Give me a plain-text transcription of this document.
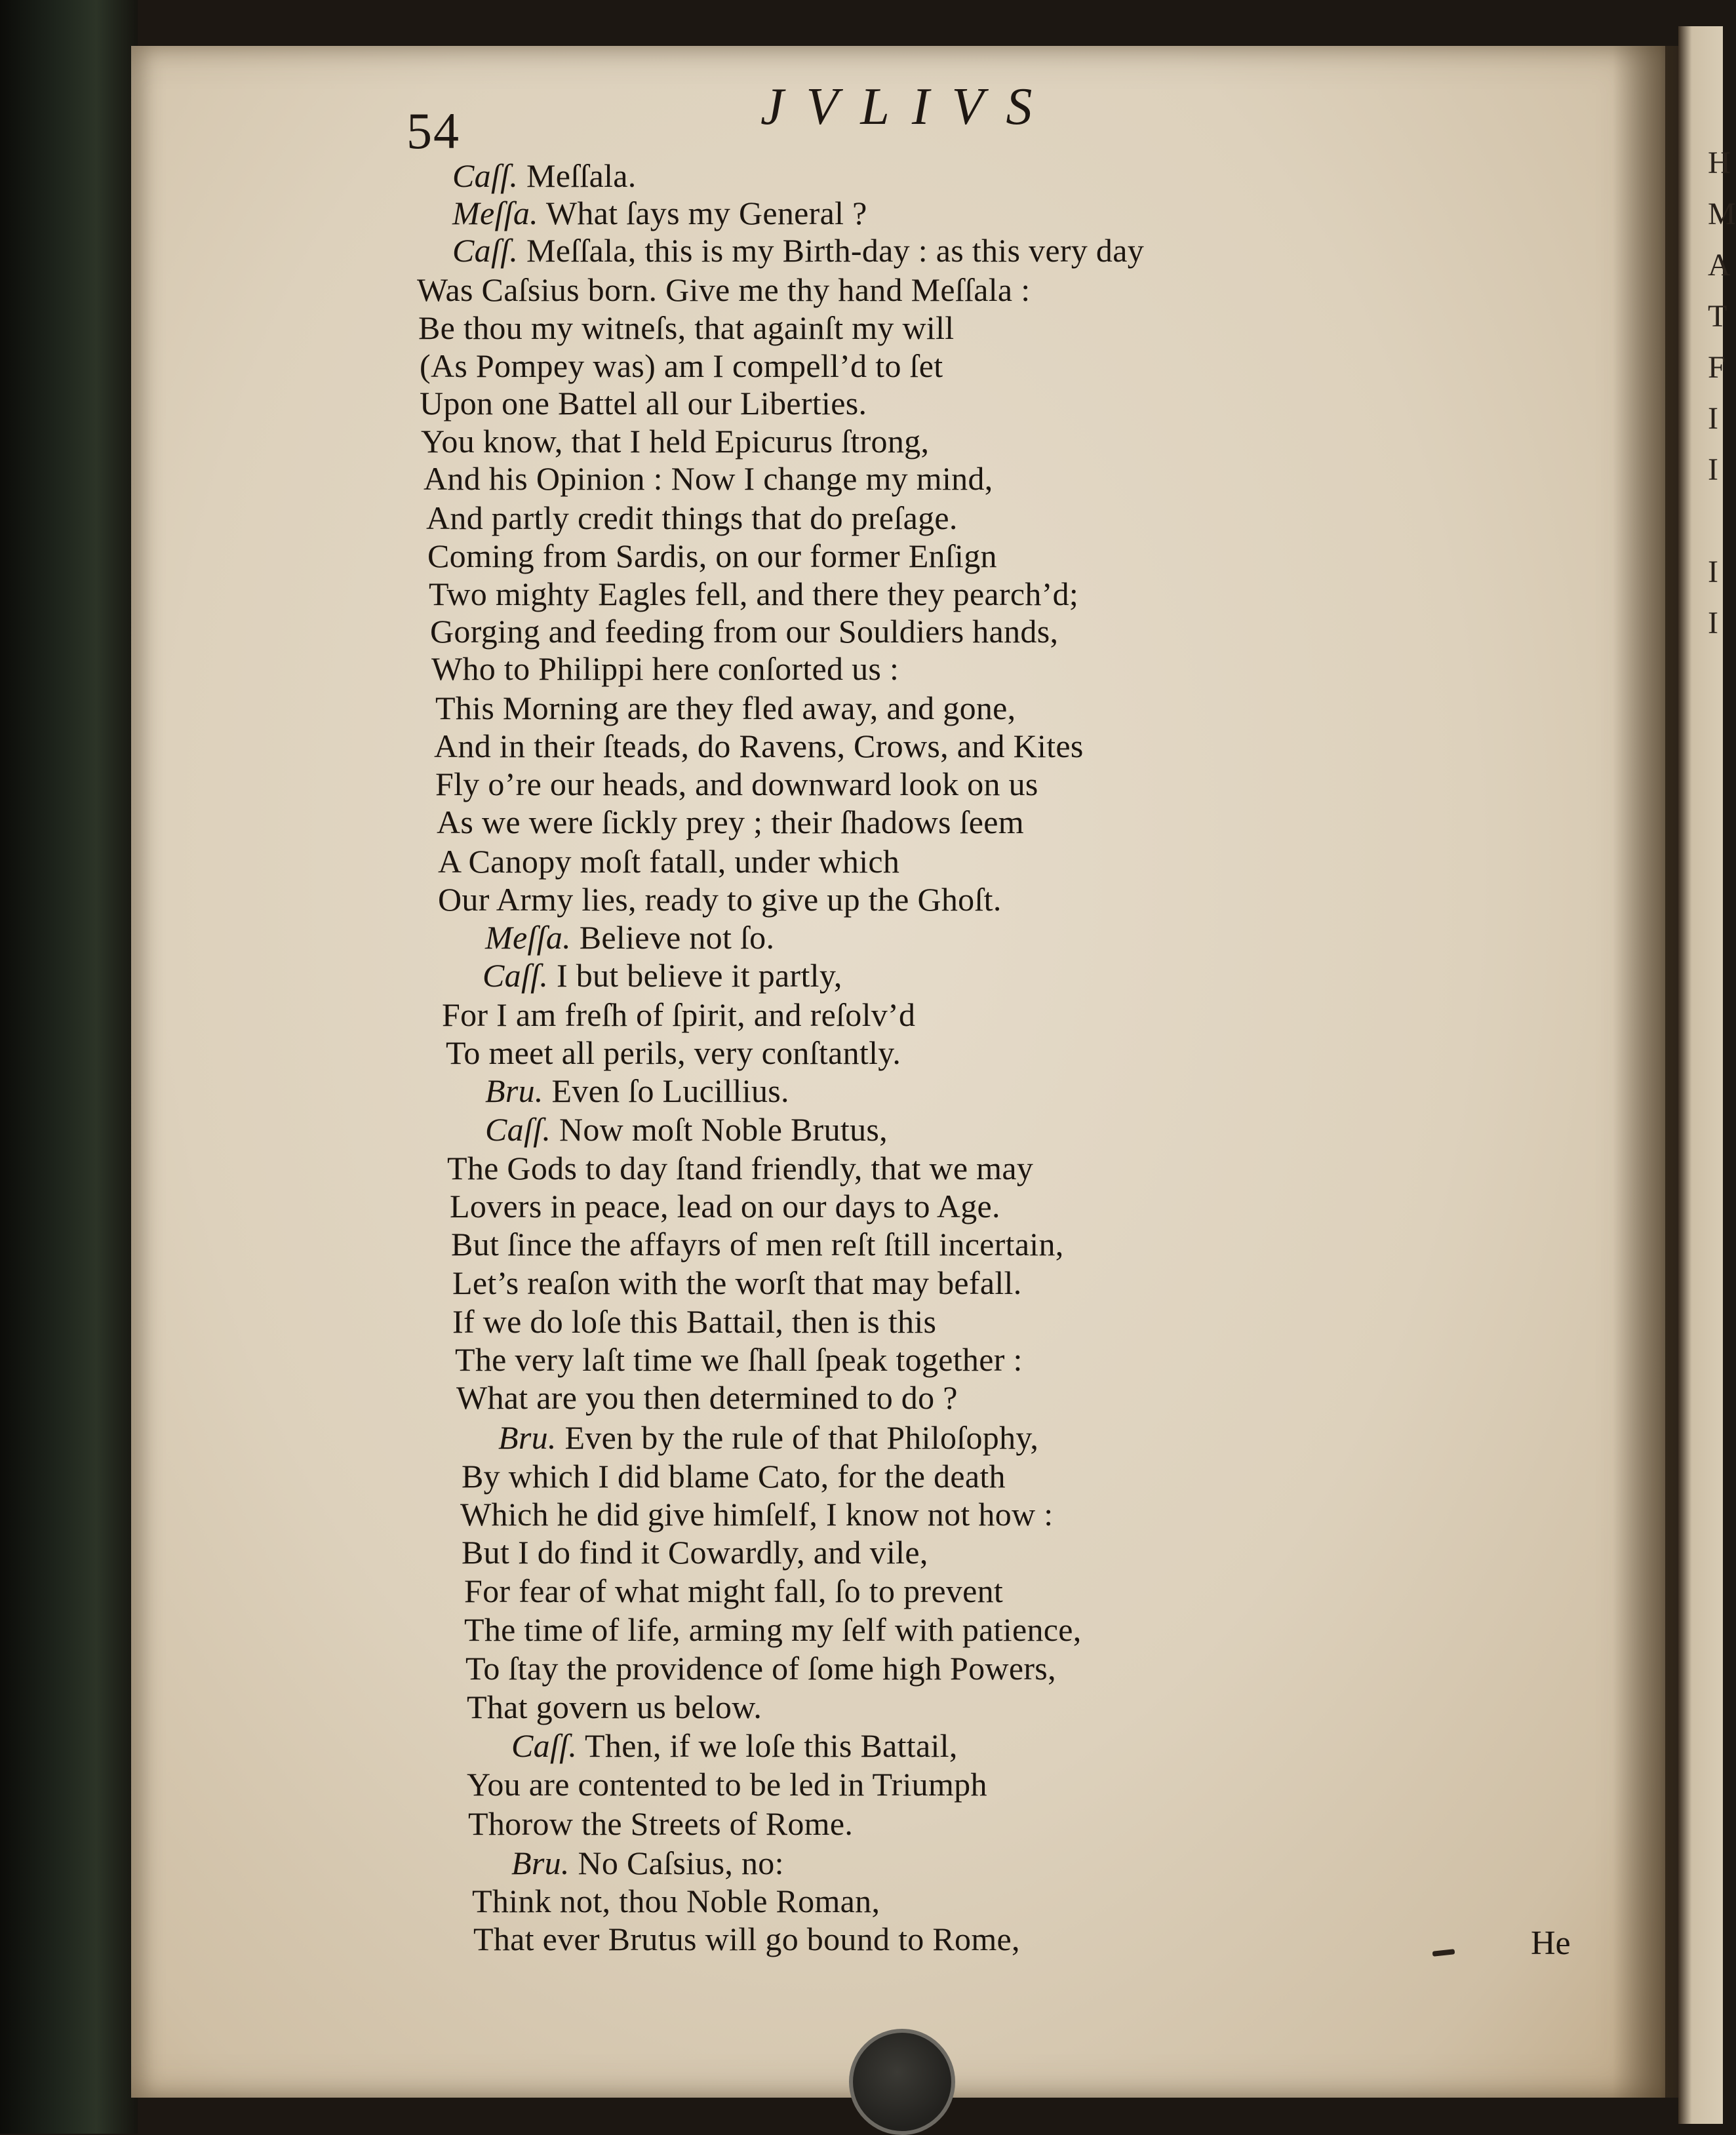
H
M
A
T
F
I
I
I
I
54	JVLIVS
Caſſ. Meſſala.
Meſſa. What ſays my General ?
Caſſ. Meſſala, this is my Birth-day : as this very day
Was Caſsius born. Give me thy hand Meſſala :
Be thou my witneſs, that againſt my will
(As Pompey was) am I compell’d to ſet
Upon one Battel all our Liberties.
You know, that I held Epicurus ſtrong,
And his Opinion : Now I change my mind,
And partly credit things that do preſage.
Coming from Sardis, on our former Enſign
Two mighty Eagles fell, and there they pearch’d;
Gorging and feeding from our Souldiers hands,
Who to Philippi here conſorted us :
This Morning are they fled away, and gone,
And in their ſteads, do Ravens, Crows, and Kites
Fly o’re our heads, and downward look on us
As we were ſickly prey ; their ſhadows ſeem
A Canopy moſt fatall, under which
Our Army lies, ready to give up the Ghoſt.
Meſſa. Believe not ſo.
Caſſ. I but believe it partly,
For I am freſh of ſpirit, and reſolv’d
To meet all perils, very conſtantly.
Bru. Even ſo Lucillius.
Caſſ. Now moſt Noble Brutus,
The Gods to day ſtand friendly, that we may
Lovers in peace, lead on our days to Age.
But ſince the affayrs of men reſt ſtill incertain,
Let’s reaſon with the worſt that may befall.
If we do loſe this Battail, then is this
The very laſt time we ſhall ſpeak together :
What are you then determined to do ?
Bru. Even by the rule of that Philoſophy,
By which I did blame Cato, for the death
Which he did give himſelf, I know not how :
But I do find it Cowardly, and vile,
For fear of what might fall, ſo to prevent
The time of life, arming my ſelf with patience,
To ſtay the providence of ſome high Powers,
That govern us below.
Caſſ. Then, if we loſe this Battail,
You are contented to be led in Triumph
Thorow the Streets of Rome.
Bru. No Caſsius, no:
Think not, thou Noble Roman,
That ever Brutus will go bound to Rome,	He
